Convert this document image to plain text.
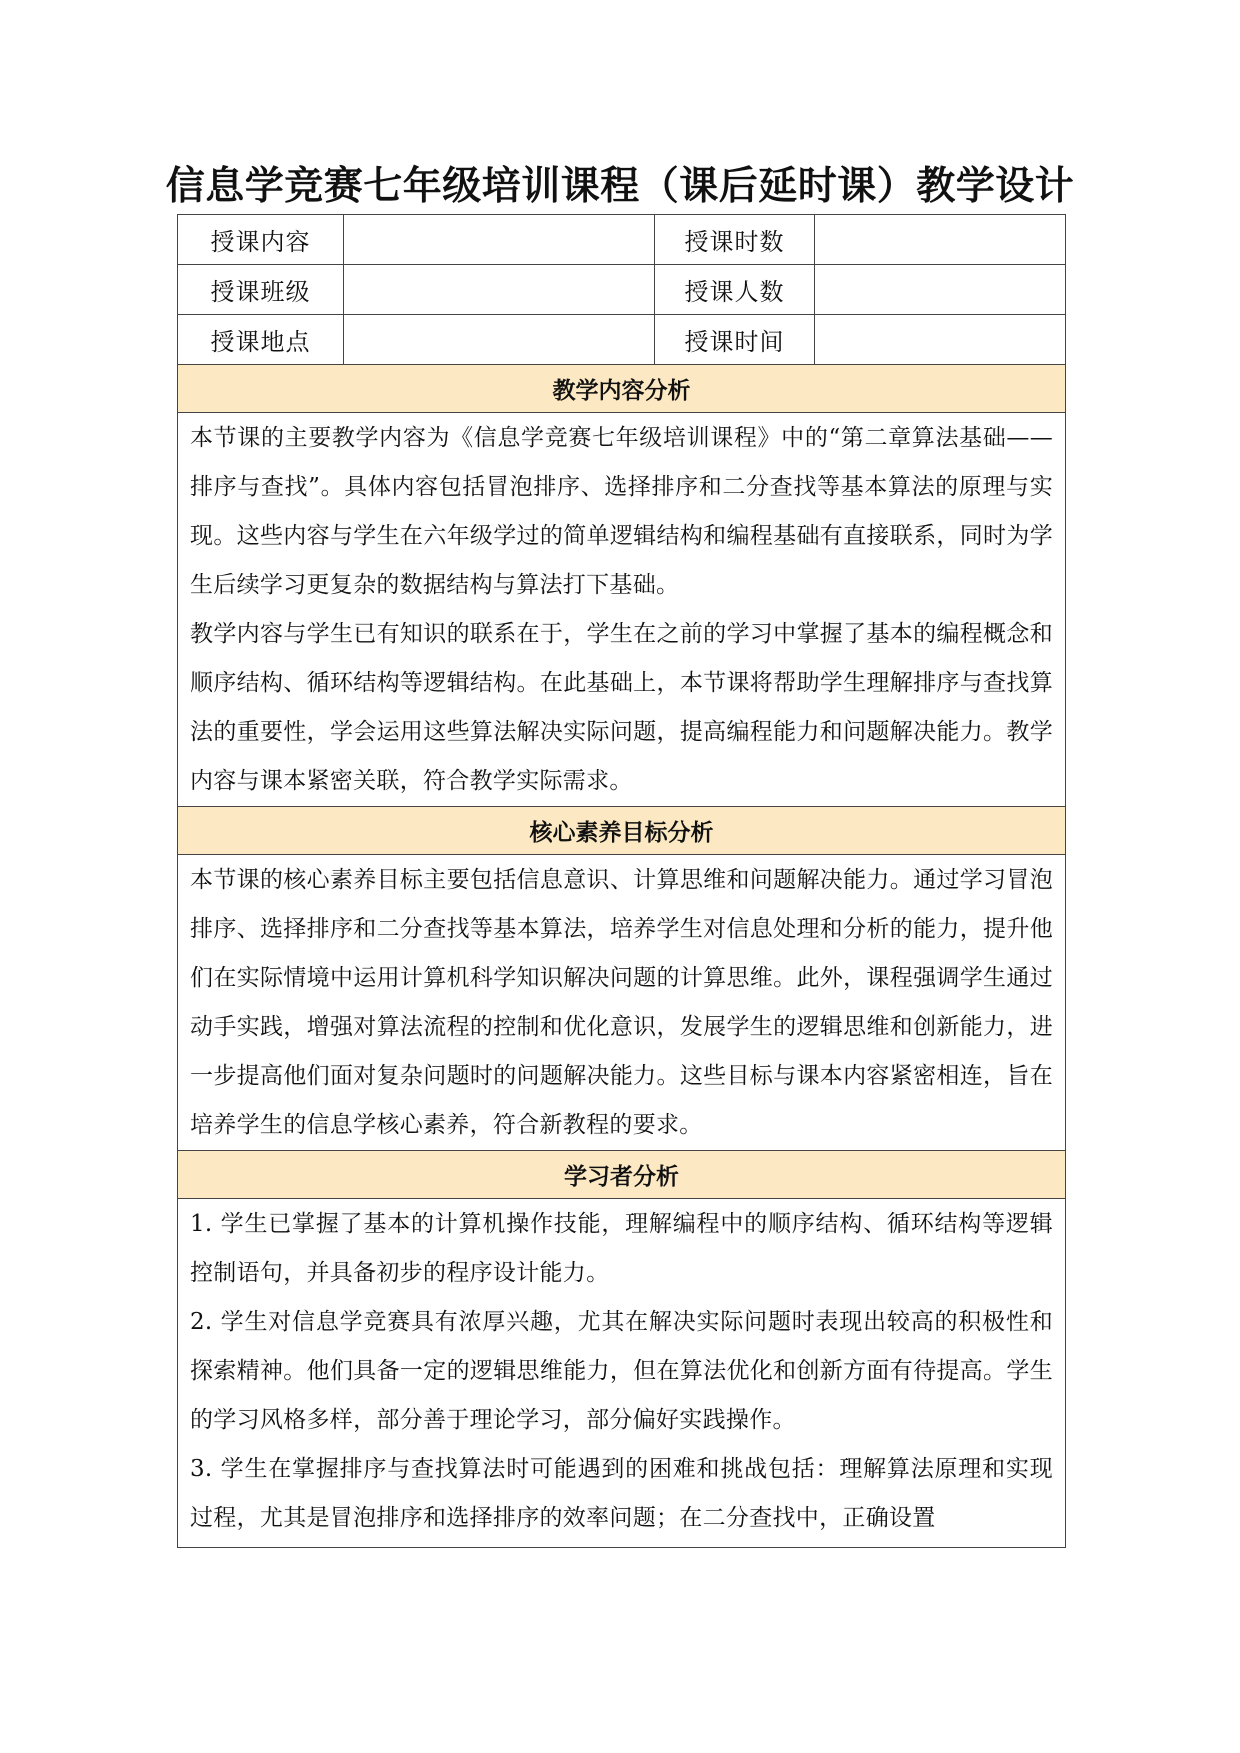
信息学竞赛七年级培训课程（课后延时课）教学设计
授课内容		授课时数	
授课班级		授课人数	
授课地点		授课时间	
教学内容分析			

本节课的主要教学内容为《信息学竞赛七年级培训课程》中的“第二章算法基础——排序与查找”。具体内容包括冒泡排序、选择排序和二分查找等基本算法的原理与实现。这些内容与学生在六年级学过的简单逻辑结构和编程基础有直接联系，同时为学生后续学习更复杂的数据结构与算法打下基础。

教学内容与学生已有知识的联系在于，学生在之前的学习中掌握了基本的编程概念和顺序结构、循环结构等逻辑结构。在此基础上，本节课将帮助学生理解排序与查找算法的重要性，学会运用这些算法解决实际问题，提高编程能力和问题解决能力。教学内容与课本紧密关联，符合教学实际需求。			

核心素养目标分析			

本节课的核心素养目标主要包括信息意识、计算思维和问题解决能力。通过学习冒泡排序、选择排序和二分查找等基本算法，培养学生对信息处理和分析的能力，提升他们在实际情境中运用计算机科学知识解决问题的计算思维。此外，课程强调学生通过动手实践，增强对算法流程的控制和优化意识，发展学生的逻辑思维和创新能力，进一步提高他们面对复杂问题时的问题解决能力。这些目标与课本内容紧密相连，旨在培养学生的信息学核心素养，符合新教程的要求。			

学习者分析			

1. 学生已掌握了基本的计算机操作技能，理解编程中的顺序结构、循环结构等逻辑控制语句，并具备初步的程序设计能力。

2. 学生对信息学竞赛具有浓厚兴趣，尤其在解决实际问题时表现出较高的积极性和探索精神。他们具备一定的逻辑思维能力，但在算法优化和创新方面有待提高。学生的学习风格多样，部分善于理论学习，部分偏好实践操作。

3. 学生在掌握排序与查找算法时可能遇到的困难和挑战包括：理解算法原理和实现过程，尤其是冒泡排序和选择排序的效率问题；在二分查找中，正确设置			
